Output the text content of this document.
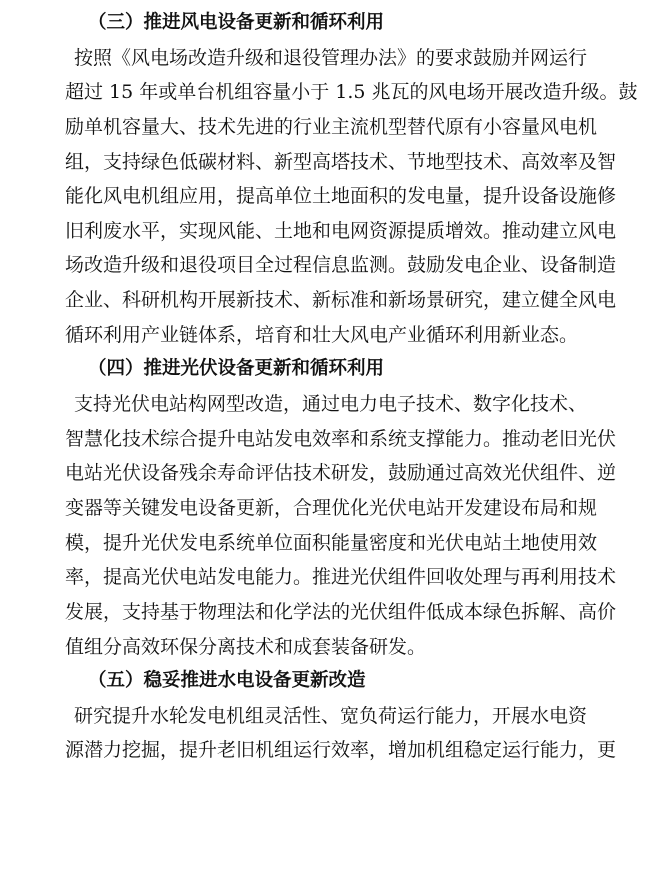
（三）推进风电设备更新和循环利用
按照《风电场改造升级和退役管理办法》的要求鼓励并网运行
超过 15 年或单台机组容量小于 1.5 兆瓦的风电场开展改造升级。鼓
励单机容量大、技术先进的行业主流机型替代原有小容量风电机
组，支持绿色低碳材料、新型高塔技术、节地型技术、高效率及智
能化风电机组应用，提高单位土地面积的发电量，提升设备设施修
旧利废水平，实现风能、土地和电网资源提质增效。推动建立风电
场改造升级和退役项目全过程信息监测。鼓励发电企业、设备制造
企业、科研机构开展新技术、新标准和新场景研究，建立健全风电
循环利用产业链体系，培育和壮大风电产业循环利用新业态。
（四）推进光伏设备更新和循环利用
支持光伏电站构网型改造，通过电力电子技术、数字化技术、
智慧化技术综合提升电站发电效率和系统支撑能力。推动老旧光伏
电站光伏设备残余寿命评估技术研发，鼓励通过高效光伏组件、逆
变器等关键发电设备更新，合理优化光伏电站开发建设布局和规
模，提升光伏发电系统单位面积能量密度和光伏电站土地使用效
率，提高光伏电站发电能力。推进光伏组件回收处理与再利用技术
发展，支持基于物理法和化学法的光伏组件低成本绿色拆解、高价
值组分高效环保分离技术和成套装备研发。
（五）稳妥推进水电设备更新改造
研究提升水轮发电机组灵活性、宽负荷运行能力，开展水电资
源潜力挖掘，提升老旧机组运行效率，增加机组稳定运行能力，更
